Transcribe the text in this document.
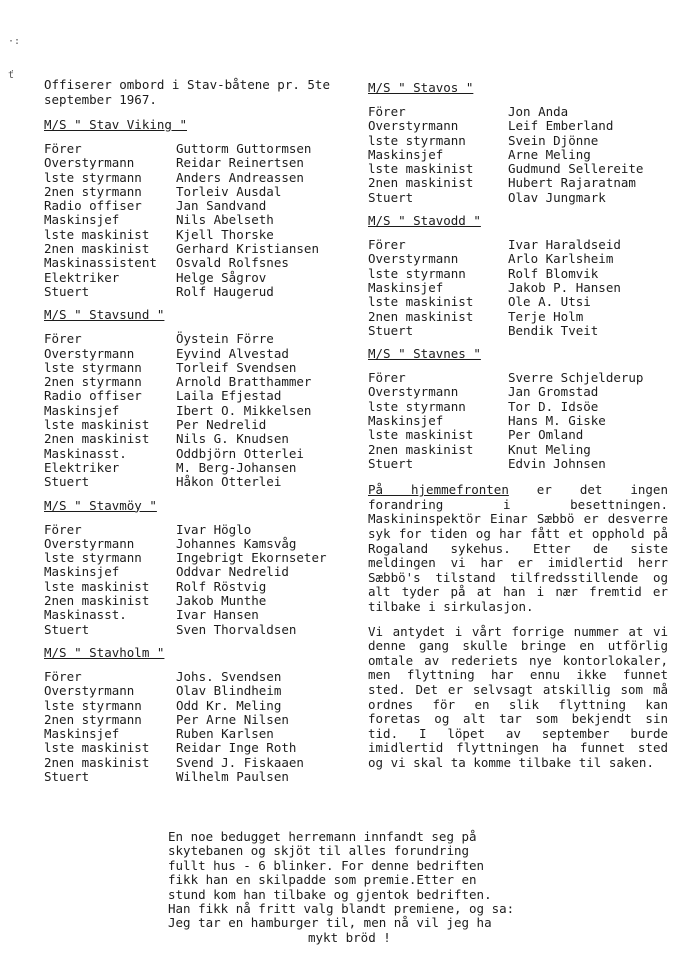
·:
ť
Offiserer ombord i Stav-båtene pr. 5te september 1967.
M/S " Stav Viking "
Förer	Guttorm Guttormsen
Overstyrmann	Reidar Reinertsen
lste styrmann	Anders Andreassen
2nen styrmann	Torleiv Ausdal
Radio offiser	Jan Sandvand
Maskinsjef	Nils Abelseth
lste maskinist	Kjell Thorske
2nen maskinist	Gerhard Kristiansen
Maskinassistent	Osvald Rolfsnes
Elektriker	Helge Sågrov
Stuert	Rolf Haugerud
M/S " Stavsund "
Förer	Öystein Förre
Overstyrmann	Eyvind Alvestad
lste styrmann	Torleif Svendsen
2nen styrmann	Arnold Bratthammer
Radio offiser	Laila Efjestad
Maskinsjef	Ibert O. Mikkelsen
lste maskinist	Per Nedrelid
2nen maskinist	Nils G. Knudsen
Maskinasst.	Oddbjörn Otterlei
Elektriker	M. Berg-Johansen
Stuert	Håkon Otterlei
M/S " Stavmöy "
Förer	Ivar Höglo
Overstyrmann	Johannes Kamsvåg
lste styrmann	Ingebrigt Ekornseter
Maskinsjef	Oddvar Nedrelid
lste maskinist	Rolf Röstvig
2nen maskinist	Jakob Munthe
Maskinasst.	Ivar Hansen
Stuert	Sven Thorvaldsen
M/S " Stavholm "
Förer	Johs. Svendsen
Overstyrmann	Olav Blindheim
lste styrmann	Odd Kr. Meling
2nen styrmann	Per Arne Nilsen
Maskinsjef	Ruben Karlsen
lste maskinist	Reidar Inge Roth
2nen maskinist	Svend J. Fiskaaen
Stuert	Wilhelm Paulsen
M/S " Stavos "
Förer	Jon Anda
Overstyrmann	Leif Emberland
lste styrmann	Svein Djönne
Maskinsjef	Arne Meling
lste maskinist	Gudmund Sellereite
2nen maskinist	Hubert Rajaratnam
Stuert	Olav Jungmark
M/S " Stavodd "
Förer	Ivar Haraldseid
Overstyrmann	Arlo Karlsheim
lste styrmann	Rolf Blomvik
Maskinsjef	Jakob P. Hansen
lste maskinist	Ole A. Utsi
2nen maskinist	Terje Holm
Stuert	Bendik Tveit
M/S " Stavnes "
Förer	Sverre Schjelderup
Overstyrmann	Jan Gromstad
lste styrmann	Tor D. Idsöe
Maskinsjef	Hans M. Giske
lste maskinist	Per Omland
2nen maskinist	Knut Meling
Stuert	Edvin Johnsen

På hjemmefronten er det ingen forandring i besettningen. Maskininspektör Einar Sæbbö er desverre syk for tiden og har fått et opphold på Rogaland sykehus. Etter de siste meldingen vi har er imidlertid herr Sæbbö's tilstand tilfredsstillende og alt tyder på at han i nær fremtid er tilbake i sirkulasjon.

Vi antydet i vårt forrige nummer at vi denne gang skulle bringe en utförlig omtale av rederiets nye kontorlokaler, men flyttning har ennu ikke funnet sted. Det er selvsagt atskillig som må ordnes för en slik flyttning kan foretas og alt tar som bekjendt sin tid. I löpet av september burde imidlertid flyttningen ha funnet sted og vi skal ta komme tilbake til saken.

En noe bedugget herremann innfandt seg på
skytebanen og skjöt til alles forundring
fullt hus - 6 blinker. For denne bedriften
fikk han en skilpadde som premie.Etter en
stund kom han tilbake og gjentok bedriften.
Han fikk nå fritt valg blandt premiene, og sa:
Jeg tar en hamburger til, men nå vil jeg ha
mykt bröd !
